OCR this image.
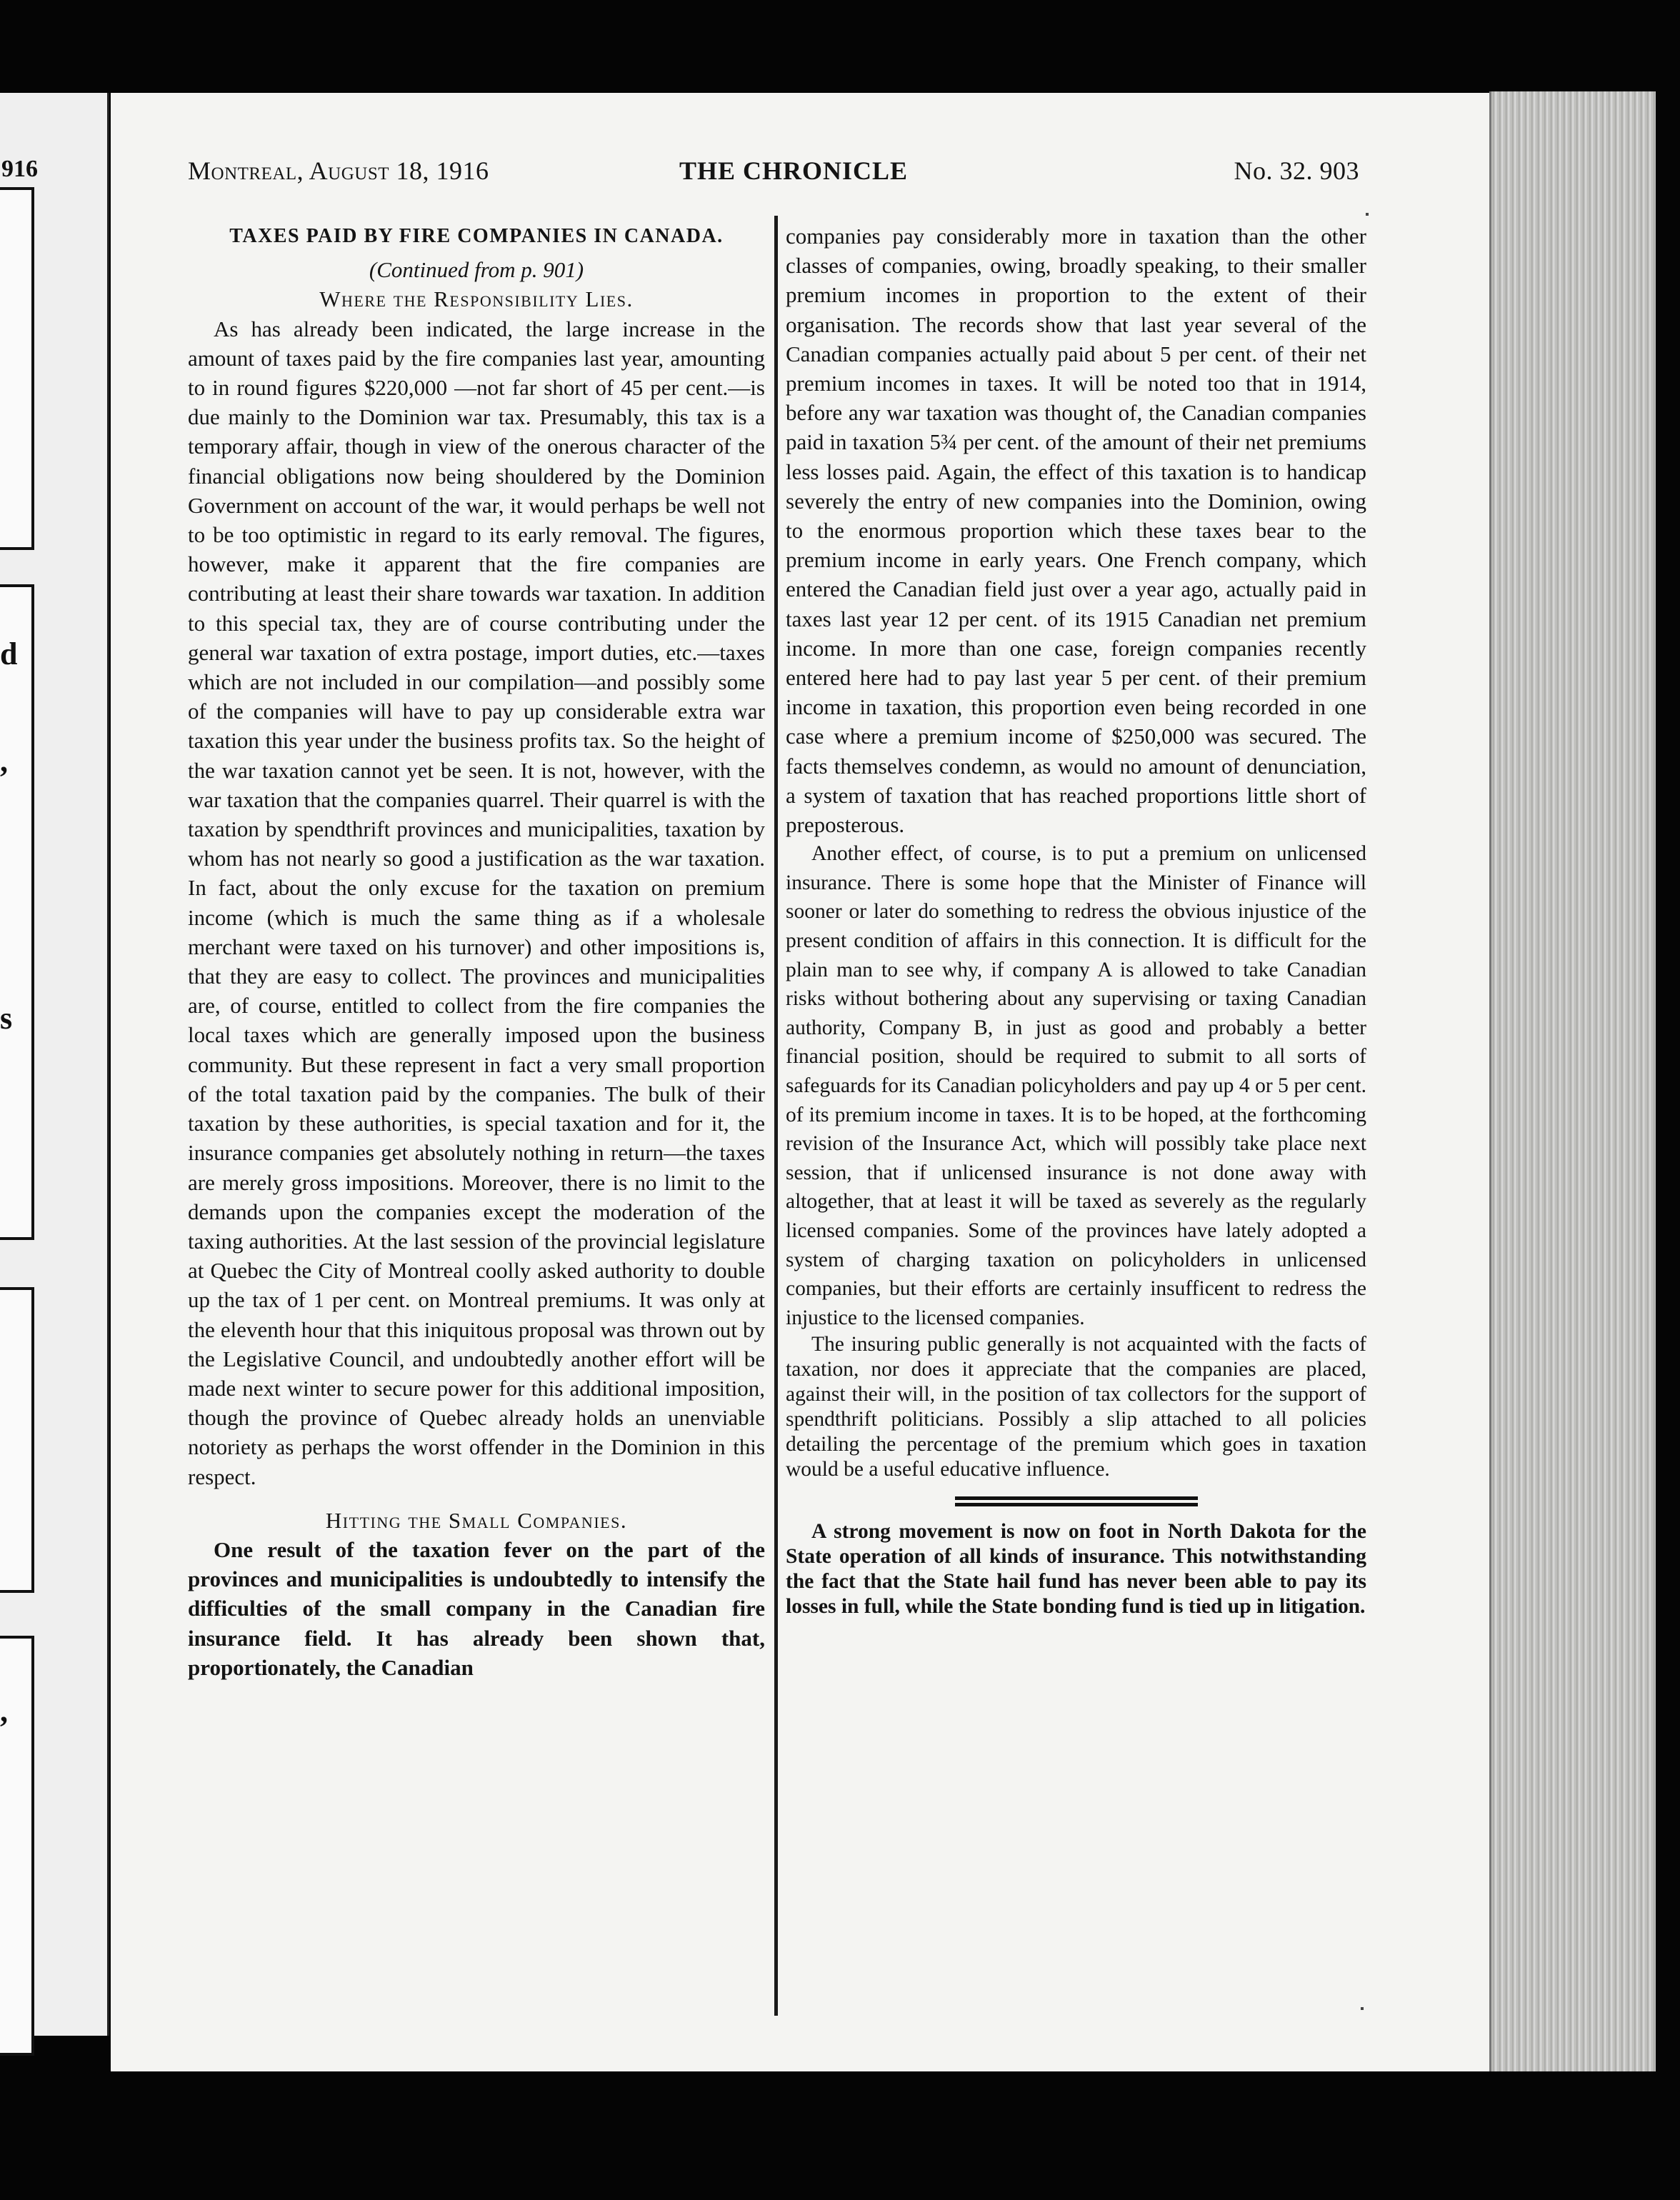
916
d
,
s
,
Montreal, August 18, 1916	THE CHRONICLE	No. 32. 903
TAXES PAID BY FIRE COMPANIES IN CANADA.
(Continued from p. 901)
Where the Responsibility Lies.

As has already been indicated, the large increase in the amount of taxes paid by the fire companies last year, amounting to in round figures $220,000 —not far short of 45 per cent.—is due mainly to the Dominion war tax. Presumably, this tax is a temporary affair, though in view of the onerous character of the financial obligations now being shouldered by the Dominion Government on account of the war, it would perhaps be well not to be too optimistic in regard to its early removal. The figures, however, make it apparent that the fire companies are contributing at least their share towards war taxation. In addition to this special tax, they are of course contributing under the general war taxation of extra postage, import duties, etc.—taxes which are not included in our compilation—and possibly some of the companies will have to pay up considerable extra war taxation this year under the business profits tax. So the height of the war taxation cannot yet be seen. It is not, however, with the war taxation that the companies quarrel. Their quarrel is with the taxation by spendthrift provinces and municipalities, taxation by whom has not nearly so good a justification as the war taxation. In fact, about the only excuse for the taxation on premium income (which is much the same thing as if a wholesale merchant were taxed on his turnover) and other impositions is, that they are easy to collect. The provinces and municipalities are, of course, entitled to collect from the fire companies the local taxes which are generally imposed upon the business community. But these represent in fact a very small proportion of the total taxation paid by the companies. The bulk of their taxation by these authorities, is special taxation and for it, the insurance companies get absolutely nothing in return—the taxes are merely gross impositions. Moreover, there is no limit to the demands upon the companies except the moderation of the taxing authorities. At the last session of the provincial legislature at Quebec the City of Montreal coolly asked authority to double up the tax of 1 per cent. on Montreal premiums. It was only at the eleventh hour that this iniquitous proposal was thrown out by the Legislative Council, and undoubtedly another effort will be made next winter to secure power for this additional imposition, though the province of Quebec already holds an unenviable notoriety as perhaps the worst offender in the Dominion in this respect.

Hitting the Small Companies.

One result of the taxation fever on the part of the provinces and municipalities is undoubtedly to intensify the difficulties of the small company in the Canadian fire insurance field. It has already been shown that, proportionately, the Canadian

companies pay considerably more in taxation than the other classes of companies, owing, broadly speaking, to their smaller premium incomes in proportion to the extent of their organisation. The records show that last year several of the Canadian companies actually paid about 5 per cent. of their net premium incomes in taxes. It will be noted too that in 1914, before any war taxation was thought of, the Canadian companies paid in taxation 5¾ per cent. of the amount of their net premiums less losses paid. Again, the effect of this taxation is to handicap severely the entry of new companies into the Dominion, owing to the enormous proportion which these taxes bear to the premium income in early years. One French company, which entered the Canadian field just over a year ago, actually paid in taxes last year 12 per cent. of its 1915 Canadian net premium income. In more than one case, foreign companies recently entered here had to pay last year 5 per cent. of their premium income in taxation, this proportion even being recorded in one case where a premium income of $250,000 was secured. The facts themselves condemn, as would no amount of denunciation, a system of taxation that has reached proportions little short of preposterous.

Another effect, of course, is to put a premium on unlicensed insurance. There is some hope that the Minister of Finance will sooner or later do something to redress the obvious injustice of the present condition of affairs in this connection. It is difficult for the plain man to see why, if company A is allowed to take Canadian risks without bothering about any supervising or taxing Canadian authority, Company B, in just as good and probably a better financial position, should be required to submit to all sorts of safeguards for its Canadian policyholders and pay up 4 or 5 per cent. of its premium income in taxes. It is to be hoped, at the forthcoming revision of the Insurance Act, which will possibly take place next session, that if unlicensed insurance is not done away with altogether, that at least it will be taxed as severely as the regularly licensed companies. Some of the provinces have lately adopted a system of charging taxation on policyholders in unlicensed companies, but their efforts are certainly insufficent to redress the injustice to the licensed companies.

The insuring public generally is not acquainted with the facts of taxation, nor does it appreciate that the companies are placed, against their will, in the position of tax collectors for the support of spendthrift politicians. Possibly a slip attached to all policies detailing the percentage of the premium which goes in taxation would be a useful educative influence.

A strong movement is now on foot in North Dakota for the State operation of all kinds of insurance. This notwithstanding the fact that the State hail fund has never been able to pay its losses in full, while the State bonding fund is tied up in litigation.
